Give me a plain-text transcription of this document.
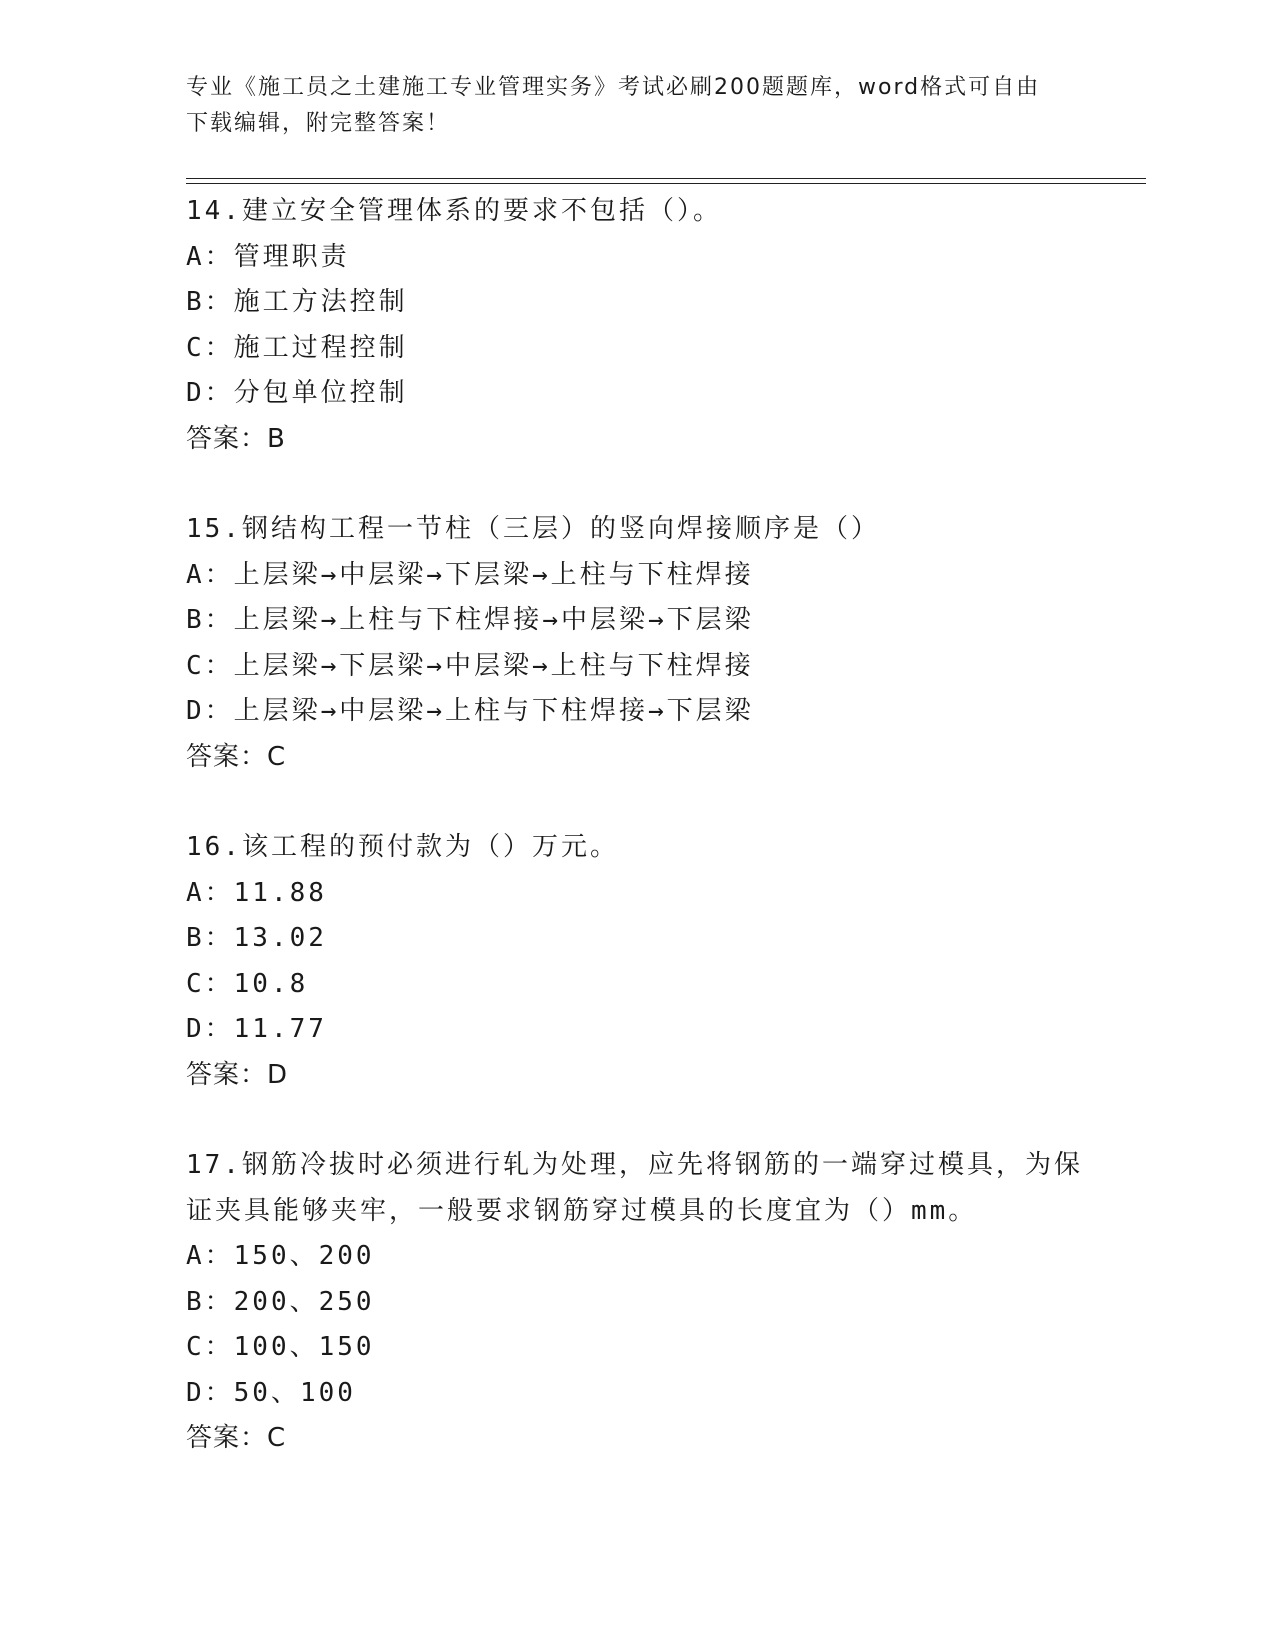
专业《施工员之土建施工专业管理实务》考试必刷200题题库，word格式可自由
下载编辑，附完整答案！
14.建立安全管理体系的要求不包括（）。
A：管理职责
B：施工方法控制
C：施工过程控制
D：分包单位控制
答案：B
15.钢结构工程一节柱（三层）的竖向焊接顺序是（）
A：上层梁→中层梁→下层梁→上柱与下柱焊接
B：上层梁→上柱与下柱焊接→中层梁→下层梁
C：上层梁→下层梁→中层梁→上柱与下柱焊接
D：上层梁→中层梁→上柱与下柱焊接→下层梁
答案：C
16.该工程的预付款为（）万元。
A：11.88
B：13.02
C：10.8
D：11.77
答案：D
17.钢筋冷拔时必须进行轧为处理，应先将钢筋的一端穿过模具，为保
证夹具能够夹牢，一般要求钢筋穿过模具的长度宜为（）mm。
A：150、200
B：200、250
C：100、150
D：50、100
答案：C
